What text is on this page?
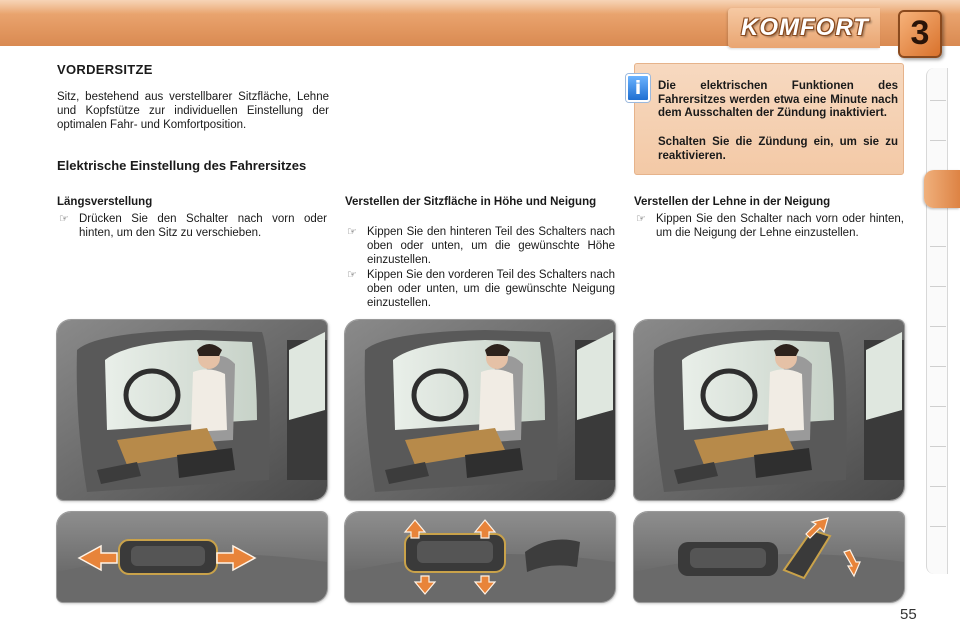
KOMFORT	3
VORDERSITZE

Sitz, bestehend aus verstellbarer Sitzfläche, Lehne und Kopfstütze zur individuellen Einstellung der optimalen Fahr- und Komfortposition.

Elektrische Einstellung des Fahrersitzes

i	Die elektrischen Funktionen des Fahrersitzes werden etwa eine Minute nach dem Ausschalten der Zündung inaktiviert.

Schalten Sie die Zündung ein, um sie zu reaktivieren.

Längsverstellung

☞ Drücken Sie den Schalter nach vorn oder hinten, um den Sitz zu verschieben.

Verstellen der Sitzfläche in Höhe und Neigung

☞ Kippen Sie den hinteren Teil des Schalters nach oben oder unten, um die gewünschte Höhe einzustellen.

☞ Kippen Sie den vorderen Teil des Schalters nach oben oder unten, um die gewünschte Neigung einzustellen.

Verstellen der Lehne in der Neigung

☞ Kippen Sie den Schalter nach vorn oder hinten, um die Neigung der Lehne einzustellen.

55
